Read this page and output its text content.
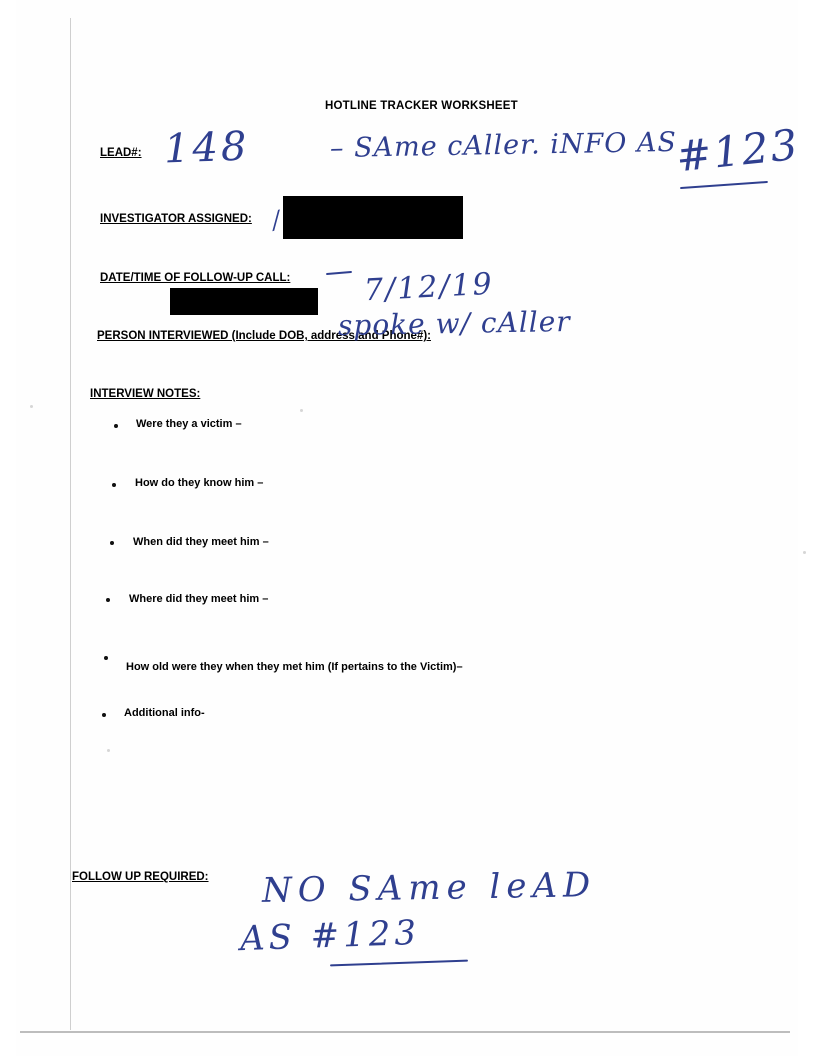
HOTLINE TRACKER WORKSHEET
LEAD#:
INVESTIGATOR ASSIGNED:
DATE/TIME OF FOLLOW-UP CALL:
PERSON INTERVIEWED (Include DOB, address and Phone#):
INTERVIEW NOTES:
FOLLOW UP REQUIRED:
Were they a victim –
How do they know him –
When did they meet him –
Where did they meet him –
How old were they when they met him (If pertains to the Victim)–
Additional info-
148	– SAme cAller. iNFO AS
#123
/
7/12/19
spoke w/ cAller
NO SAme leAD
AS #123
